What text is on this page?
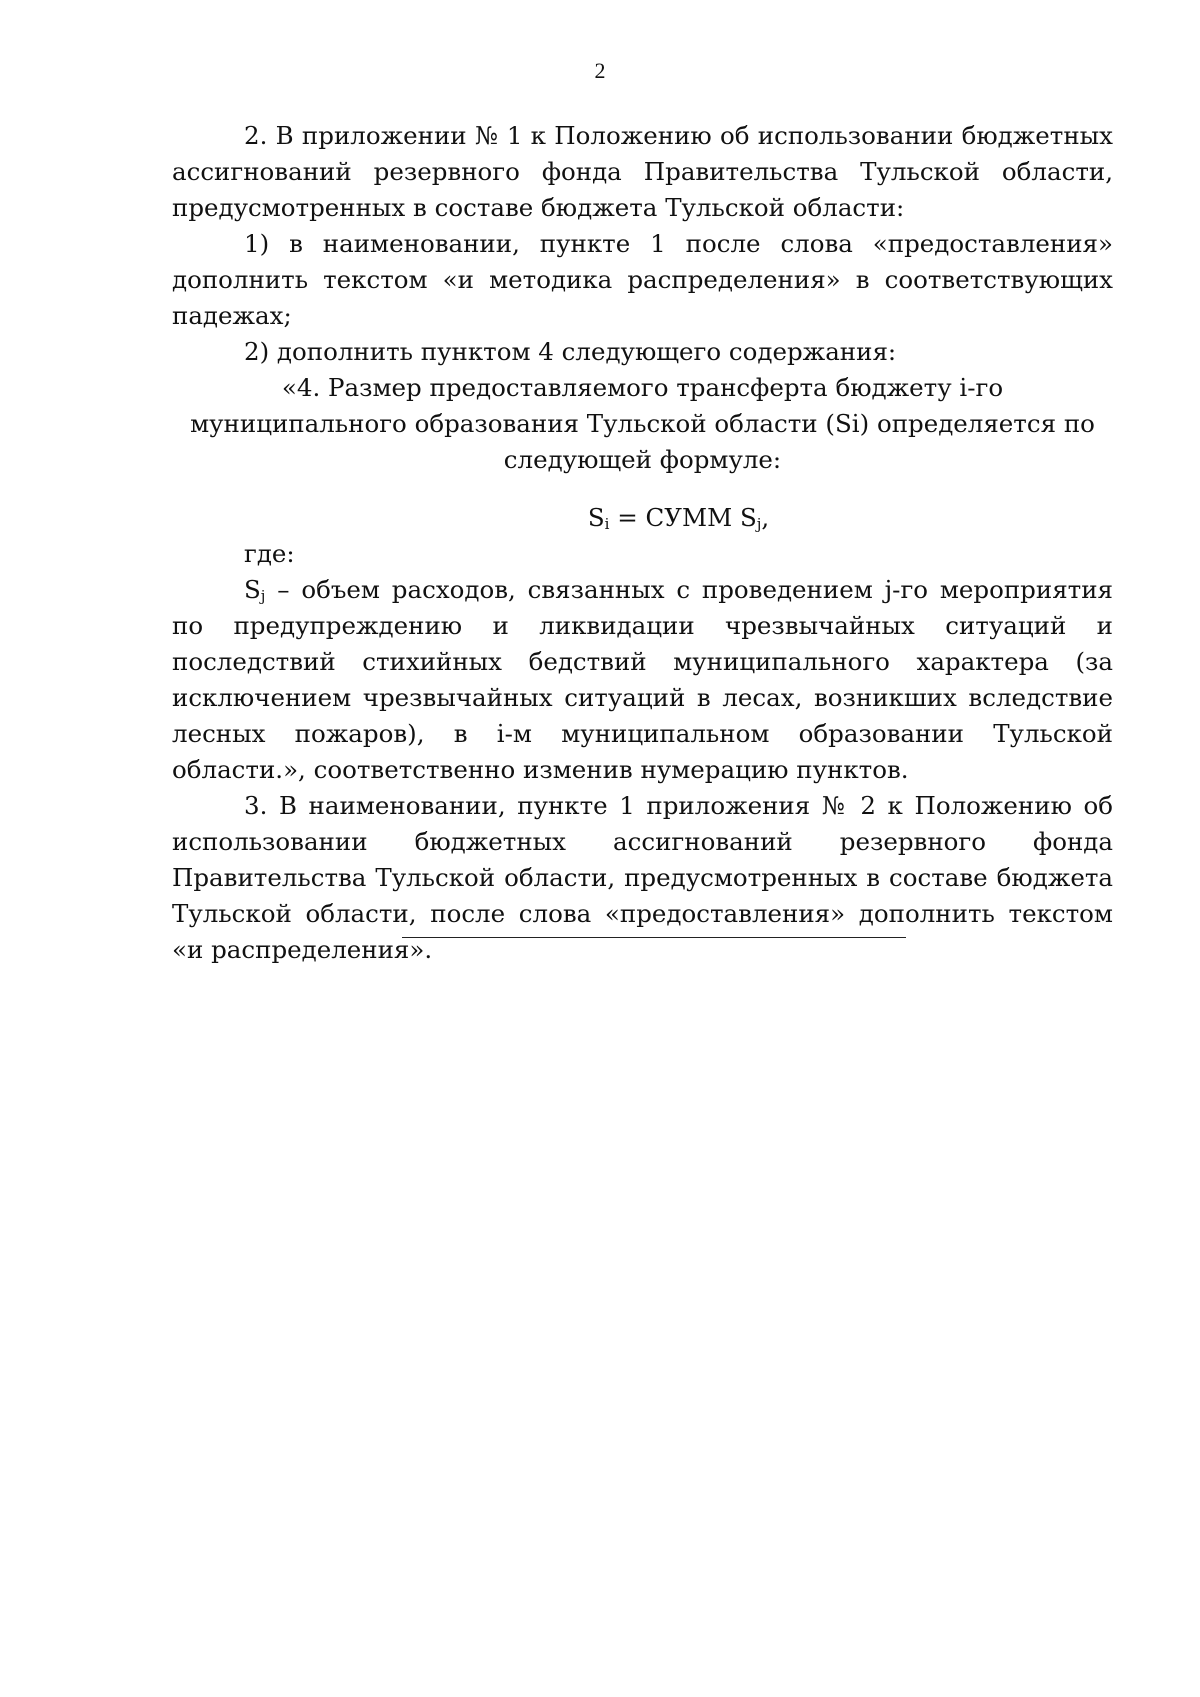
2

2. В приложении № 1 к Положению об использовании бюджетных ассигнований резервного фонда Правительства Тульской области, предусмотренных в составе бюджета Тульской области:

1) в наименовании, пункте 1 после слова «предоставления» дополнить текстом «и методика распределения» в соответствующих падежах;

2) дополнить пунктом 4 следующего содержания:

«4. Размер предоставляемого трансферта бюджету i-го муниципального образования Тульской области (Si) определяется по следующей формуле:

$S_i$ = СУММ $S_j$,

где:

$S_j$ – объем расходов, связанных с проведением j-го мероприятия по предупреждению и ликвидации чрезвычайных ситуаций и последствий стихийных бедствий муниципального характера (за исключением чрезвычайных ситуаций в лесах, возникших вследствие лесных пожаров), в i-м муниципальном образовании Тульской области.», соответственно изменив нумерацию пунктов.

3. В наименовании, пункте 1 приложения № 2 к Положению об использовании бюджетных ассигнований резервного фонда Правительства Тульской области, предусмотренных в составе бюджета Тульской области, после слова «предоставления» дополнить текстом «и распределения».
